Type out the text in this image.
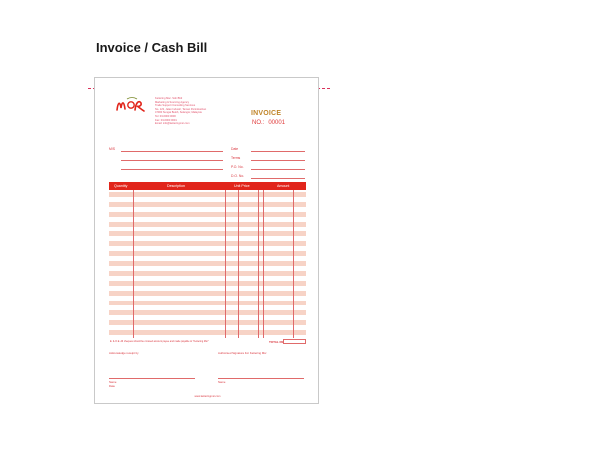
Invoice / Cash Bill
Kettering Msc. Sdn Bhd
Marketing & Sourcing Agency
Trade Support Consulting Services
No. 123, Jalan Industri, Taman Perindustrian
47000 Sungai Buloh, Selangor, Malaysia
Tel: 03-6000 0000
Fax: 03-6000 0001
Email: info@ketteringmsr.com
INVOICE
NO.: 00001
M/S	Date
Terms
P.O. No.
D.O. No.
Quantity	Description	Unit Price	Amount
E. & O.E. All cheques should be crossed account payee and made payable to "Kettering Msr"	TOTAL RM
Acknowledge receipt by	Authorised Signature For Kettering Msr
Name
Date
Name
www.ketteringmsr.com
